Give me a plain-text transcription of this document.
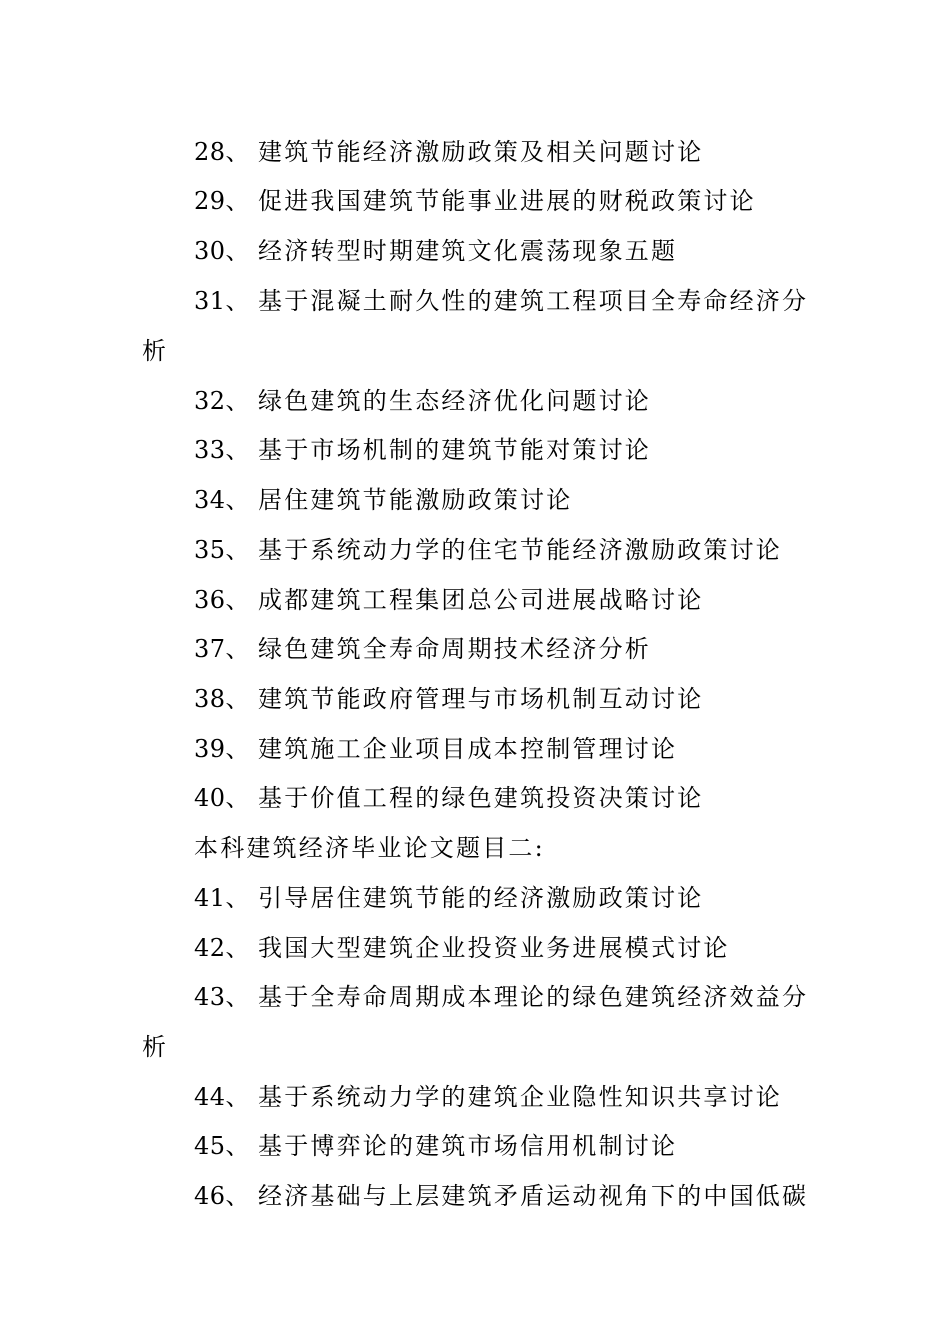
28、 建筑节能经济激励政策及相关问题讨论
29、 促进我国建筑节能事业进展的财税政策讨论
30、 经济转型时期建筑文化震荡现象五题
31、 基于混凝土耐久性的建筑工程项目全寿命经济分
析
32、 绿色建筑的生态经济优化问题讨论
33、 基于市场机制的建筑节能对策讨论
34、 居住建筑节能激励政策讨论
35、 基于系统动力学的住宅节能经济激励政策讨论
36、 成都建筑工程集团总公司进展战略讨论
37、 绿色建筑全寿命周期技术经济分析
38、 建筑节能政府管理与市场机制互动讨论
39、 建筑施工企业项目成本控制管理讨论
40、 基于价值工程的绿色建筑投资决策讨论
本科建筑经济毕业论文题目二:
41、 引导居住建筑节能的经济激励政策讨论
42、 我国大型建筑企业投资业务进展模式讨论
43、 基于全寿命周期成本理论的绿色建筑经济效益分
析
44、 基于系统动力学的建筑企业隐性知识共享讨论
45、 基于博弈论的建筑市场信用机制讨论
46、 经济基础与上层建筑矛盾运动视角下的中国低碳
